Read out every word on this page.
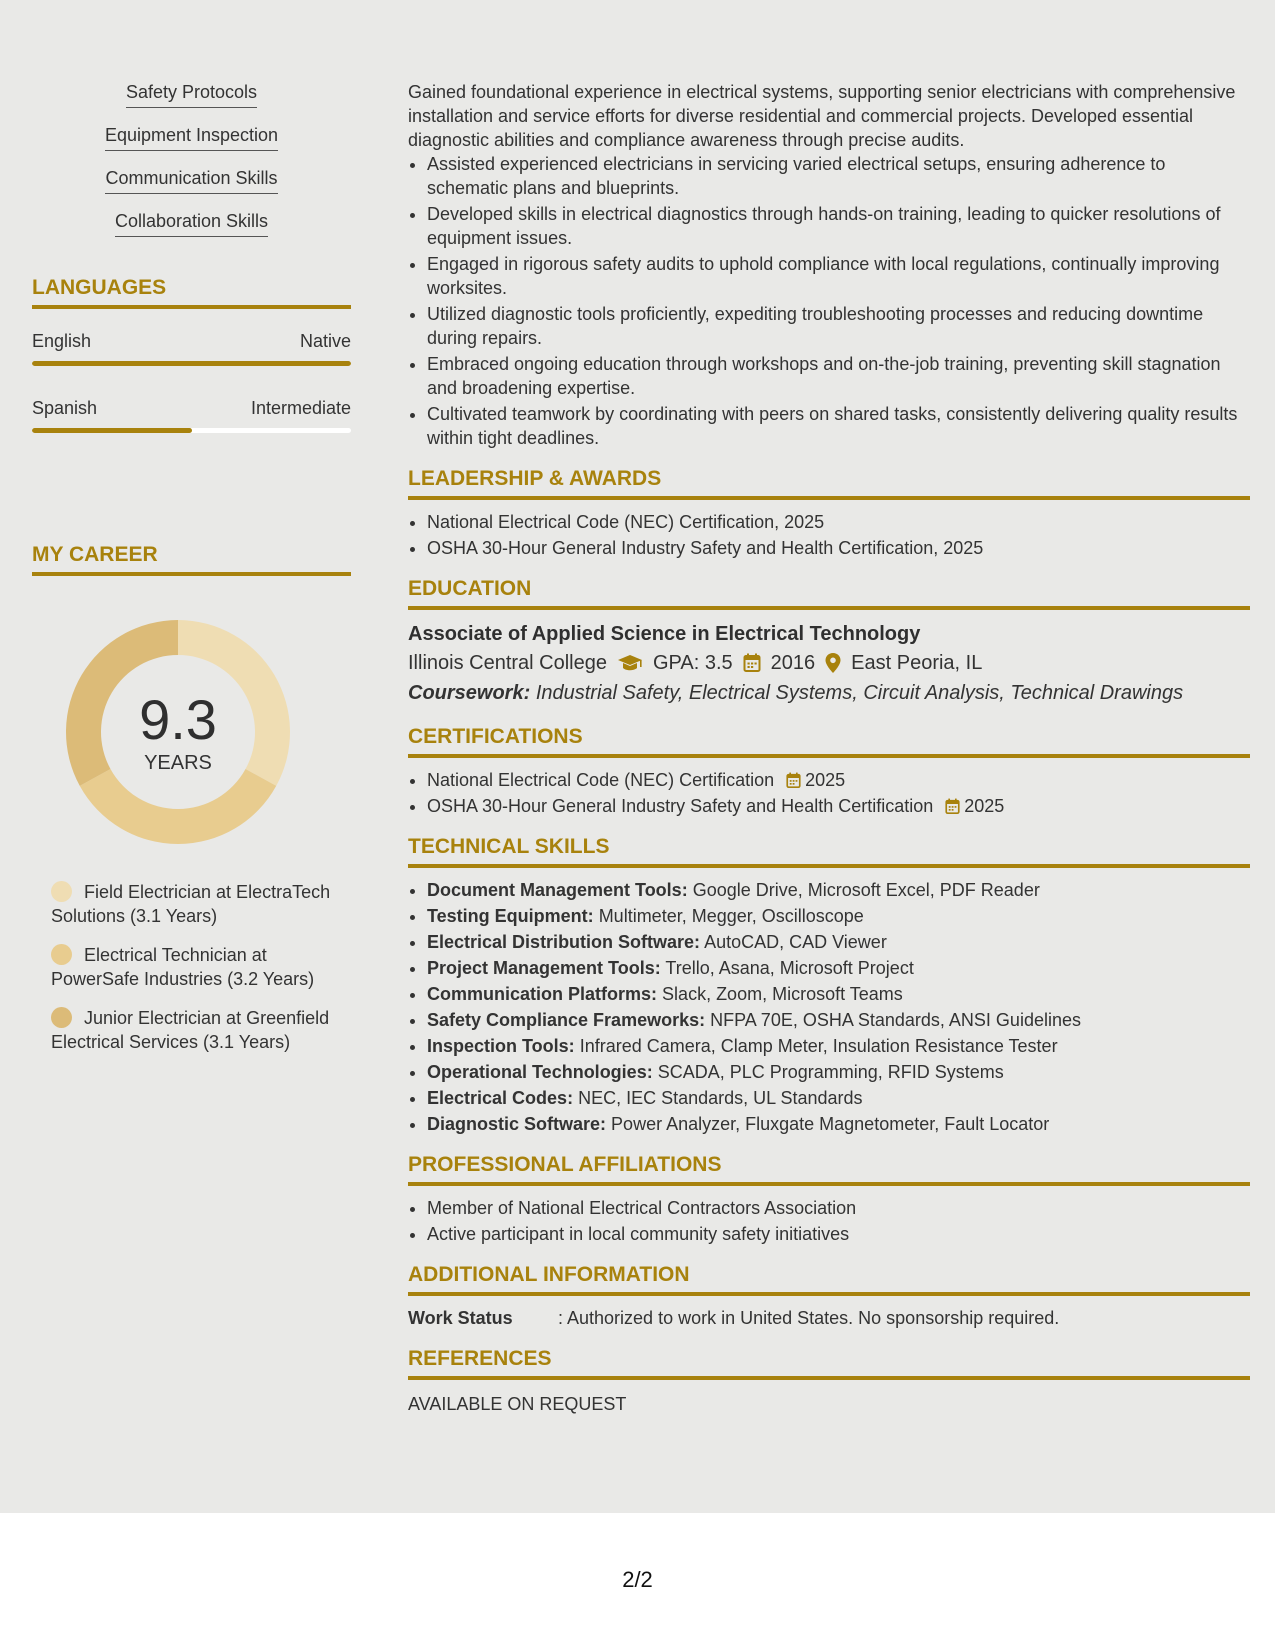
Safety Protocols
Equipment Inspection
Communication Skills
Collaboration Skills
LANGUAGES
English	Native
Spanish	Intermediate
MY CAREER
9.3
YEARS
Field Electrician at ElectraTech Solutions (3.1 Years)
Electrical Technician at PowerSafe Industries (3.2 Years)
Junior Electrician at Greenfield Electrical Services (3.1 Years)

Gained foundational experience in electrical systems, supporting senior electricians with comprehensive installation and service efforts for diverse residential and commercial projects. Developed essential diagnostic abilities and compliance awareness through precise audits.

• Assisted experienced electricians in servicing varied electrical setups, ensuring adherence to schematic plans and blueprints.
• Developed skills in electrical diagnostics through hands-on training, leading to quicker resolutions of equipment issues.
• Engaged in rigorous safety audits to uphold compliance with local regulations, continually improving worksites.
• Utilized diagnostic tools proficiently, expediting troubleshooting processes and reducing downtime during repairs.
• Embraced ongoing education through workshops and on-the-job training, preventing skill stagnation and broadening expertise.
• Cultivated teamwork by coordinating with peers on shared tasks, consistently delivering quality results within tight deadlines.
LEADERSHIP & AWARDS
• National Electrical Code (NEC) Certification, 2025
• OSHA 30-Hour General Industry Safety and Health Certification, 2025
EDUCATION
Associate of Applied Science in Electrical Technology
Illinois Central College GPA: 3.5 2016 East Peoria, IL
Coursework: Industrial Safety, Electrical Systems, Circuit Analysis, Technical Drawings
CERTIFICATIONS
• National Electrical Code (NEC) Certification 2025
• OSHA 30-Hour General Industry Safety and Health Certification 2025
TECHNICAL SKILLS
• Document Management Tools: Google Drive, Microsoft Excel, PDF Reader
• Testing Equipment: Multimeter, Megger, Oscilloscope
• Electrical Distribution Software: AutoCAD, CAD Viewer
• Project Management Tools: Trello, Asana, Microsoft Project
• Communication Platforms: Slack, Zoom, Microsoft Teams
• Safety Compliance Frameworks: NFPA 70E, OSHA Standards, ANSI Guidelines
• Inspection Tools: Infrared Camera, Clamp Meter, Insulation Resistance Tester
• Operational Technologies: SCADA, PLC Programming, RFID Systems
• Electrical Codes: NEC, IEC Standards, UL Standards
• Diagnostic Software: Power Analyzer, Fluxgate Magnetometer, Fault Locator
PROFESSIONAL AFFILIATIONS
• Member of National Electrical Contractors Association
• Active participant in local community safety initiatives
ADDITIONAL INFORMATION
Work Status	: Authorized to work in United States. No sponsorship required.
REFERENCES
AVAILABLE ON REQUEST
2/2
